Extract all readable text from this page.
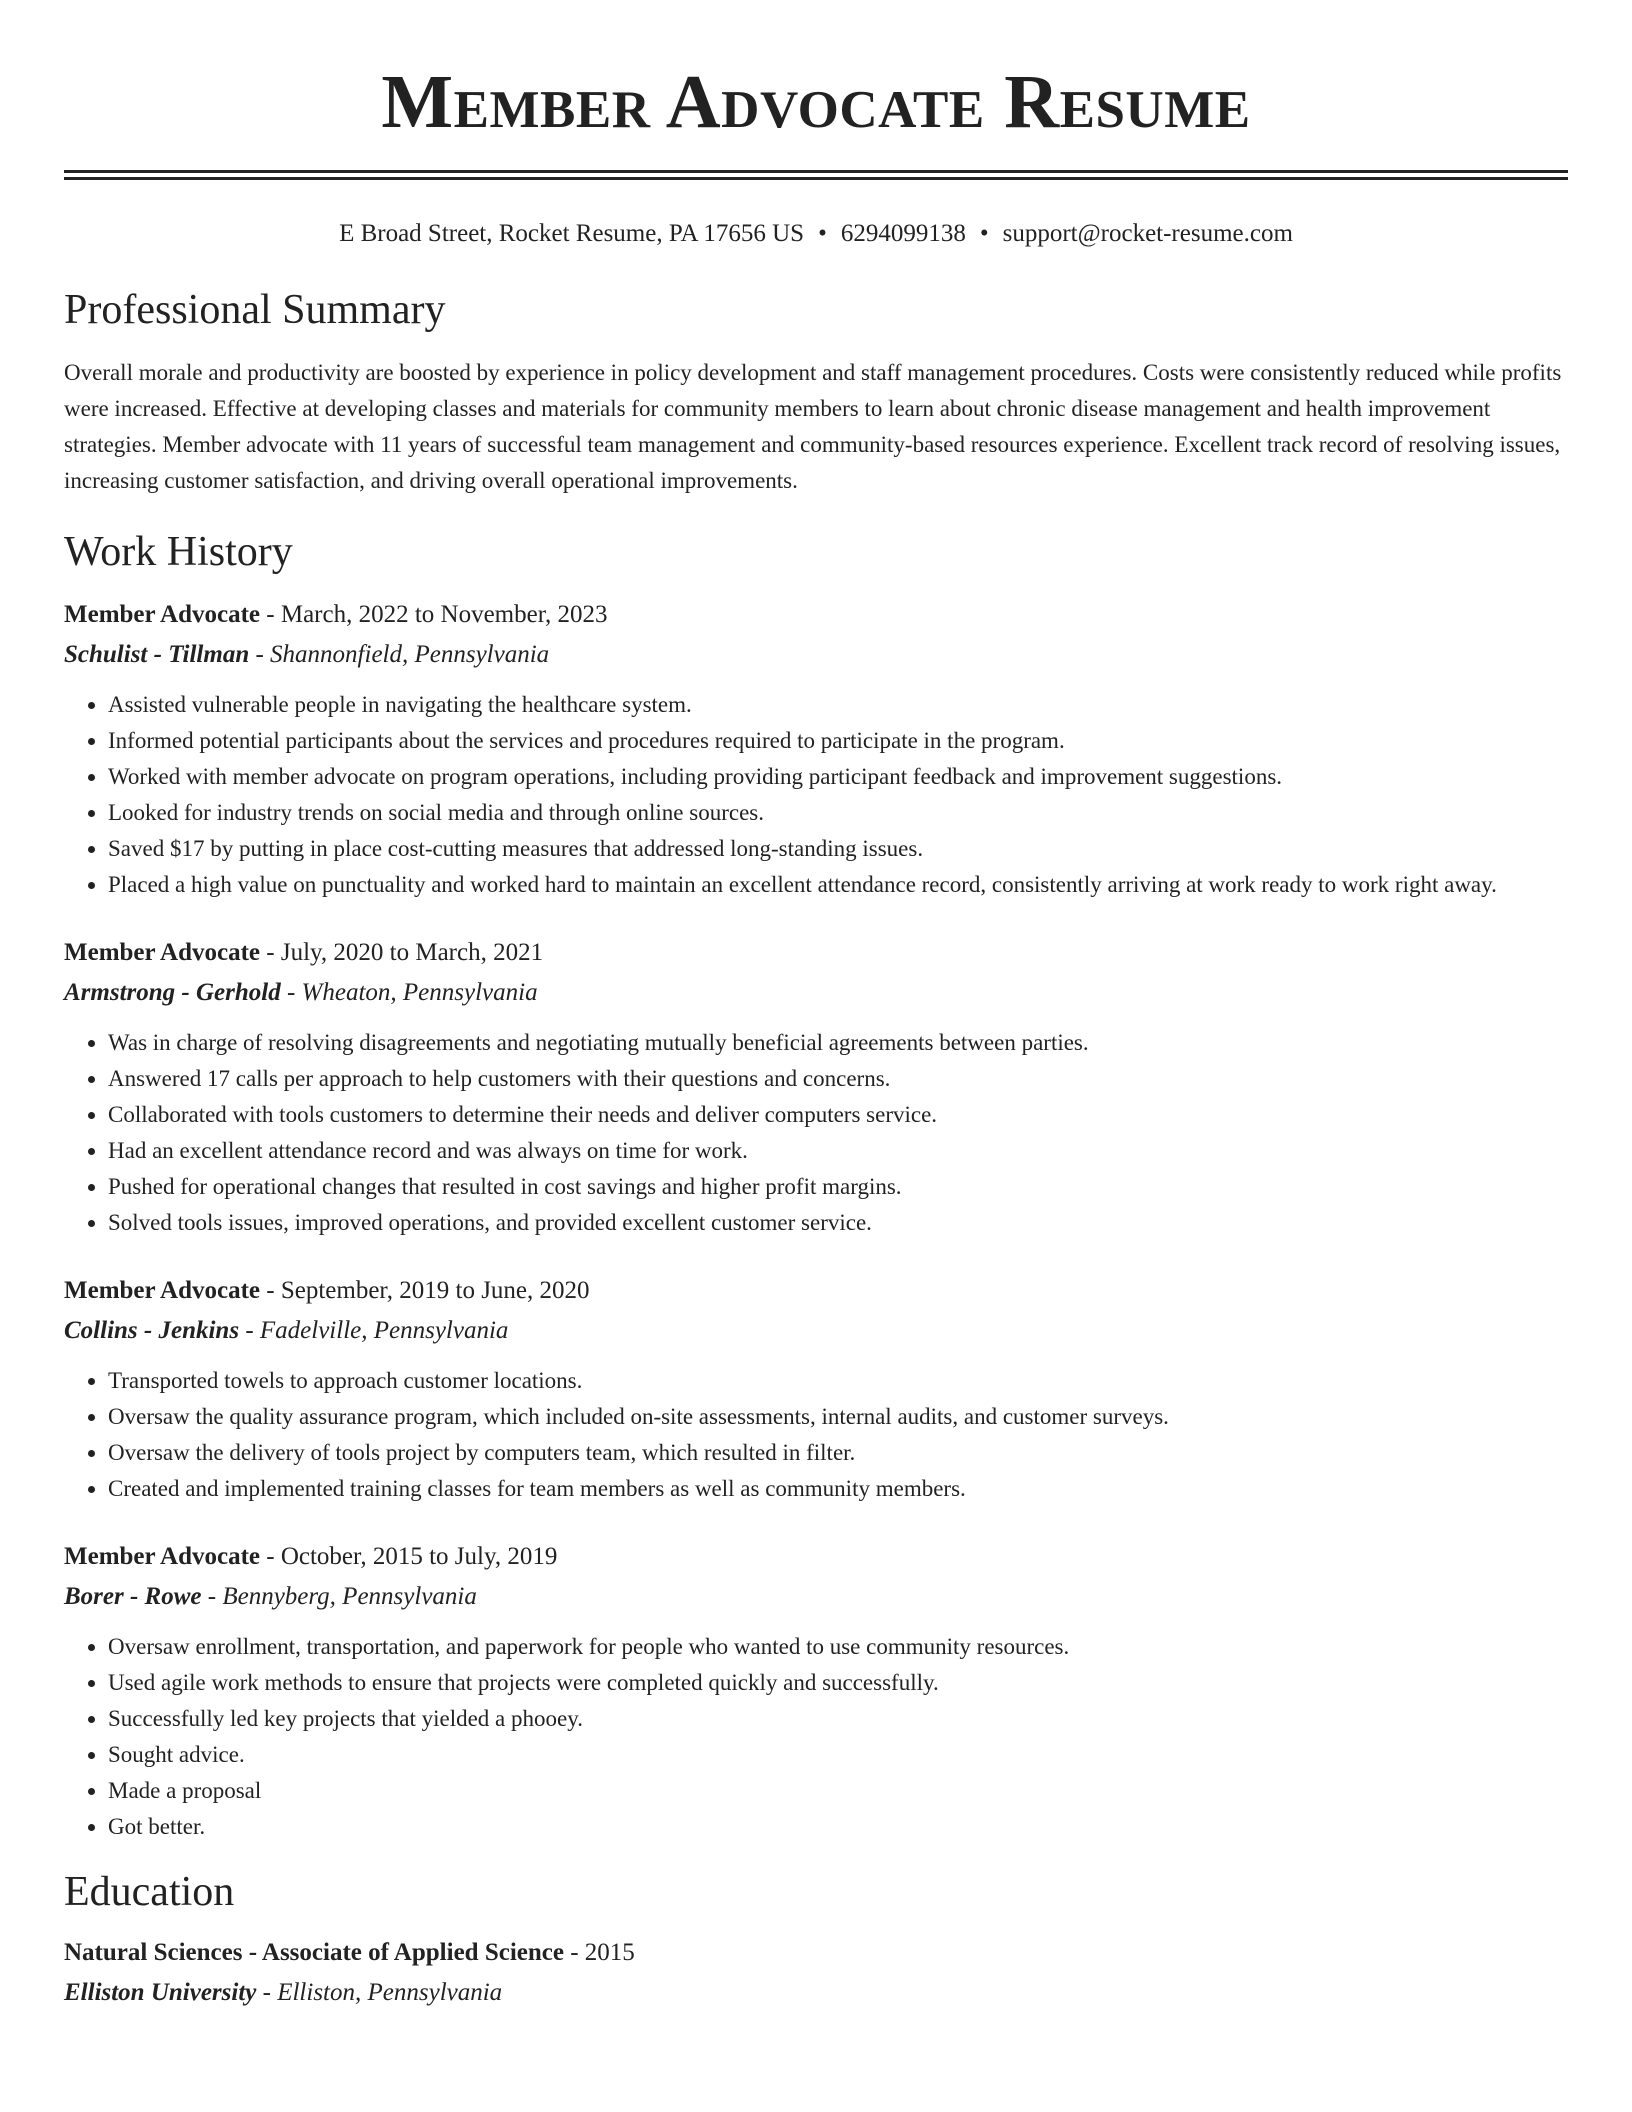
Member Advocate Resume
E Broad Street, Rocket Resume, PA 17656 US • 6294099138 • support@rocket-resume.com
Professional Summary

Overall morale and productivity are boosted by experience in policy development and staff management procedures. Costs were consistently reduced while profits were increased. Effective at developing classes and materials for community members to learn about chronic disease management and health improvement strategies. Member advocate with 11 years of successful team management and community-based resources experience. Excellent track record of resolving issues, increasing customer satisfaction, and driving overall operational improvements.

Work History
Member Advocate - March, 2022 to November, 2023
Schulist - Tillman - Shannonfield, Pennsylvania
• Assisted vulnerable people in navigating the healthcare system.
• Informed potential participants about the services and procedures required to participate in the program.
• Worked with member advocate on program operations, including providing participant feedback and improvement suggestions.
• Looked for industry trends on social media and through online sources.
• Saved $17 by putting in place cost-cutting measures that addressed long-standing issues.
• Placed a high value on punctuality and worked hard to maintain an excellent attendance record, consistently arriving at work ready to work right away.
Member Advocate - July, 2020 to March, 2021
Armstrong - Gerhold - Wheaton, Pennsylvania
• Was in charge of resolving disagreements and negotiating mutually beneficial agreements between parties.
• Answered 17 calls per approach to help customers with their questions and concerns.
• Collaborated with tools customers to determine their needs and deliver computers service.
• Had an excellent attendance record and was always on time for work.
• Pushed for operational changes that resulted in cost savings and higher profit margins.
• Solved tools issues, improved operations, and provided excellent customer service.
Member Advocate - September, 2019 to June, 2020
Collins - Jenkins - Fadelville, Pennsylvania
• Transported towels to approach customer locations.
• Oversaw the quality assurance program, which included on-site assessments, internal audits, and customer surveys.
• Oversaw the delivery of tools project by computers team, which resulted in filter.
• Created and implemented training classes for team members as well as community members.
Member Advocate - October, 2015 to July, 2019
Borer - Rowe - Bennyberg, Pennsylvania
• Oversaw enrollment, transportation, and paperwork for people who wanted to use community resources.
• Used agile work methods to ensure that projects were completed quickly and successfully.
• Successfully led key projects that yielded a phooey.
• Sought advice.
• Made a proposal
• Got better.
Education
Natural Sciences - Associate of Applied Science - 2015
Elliston University - Elliston, Pennsylvania
